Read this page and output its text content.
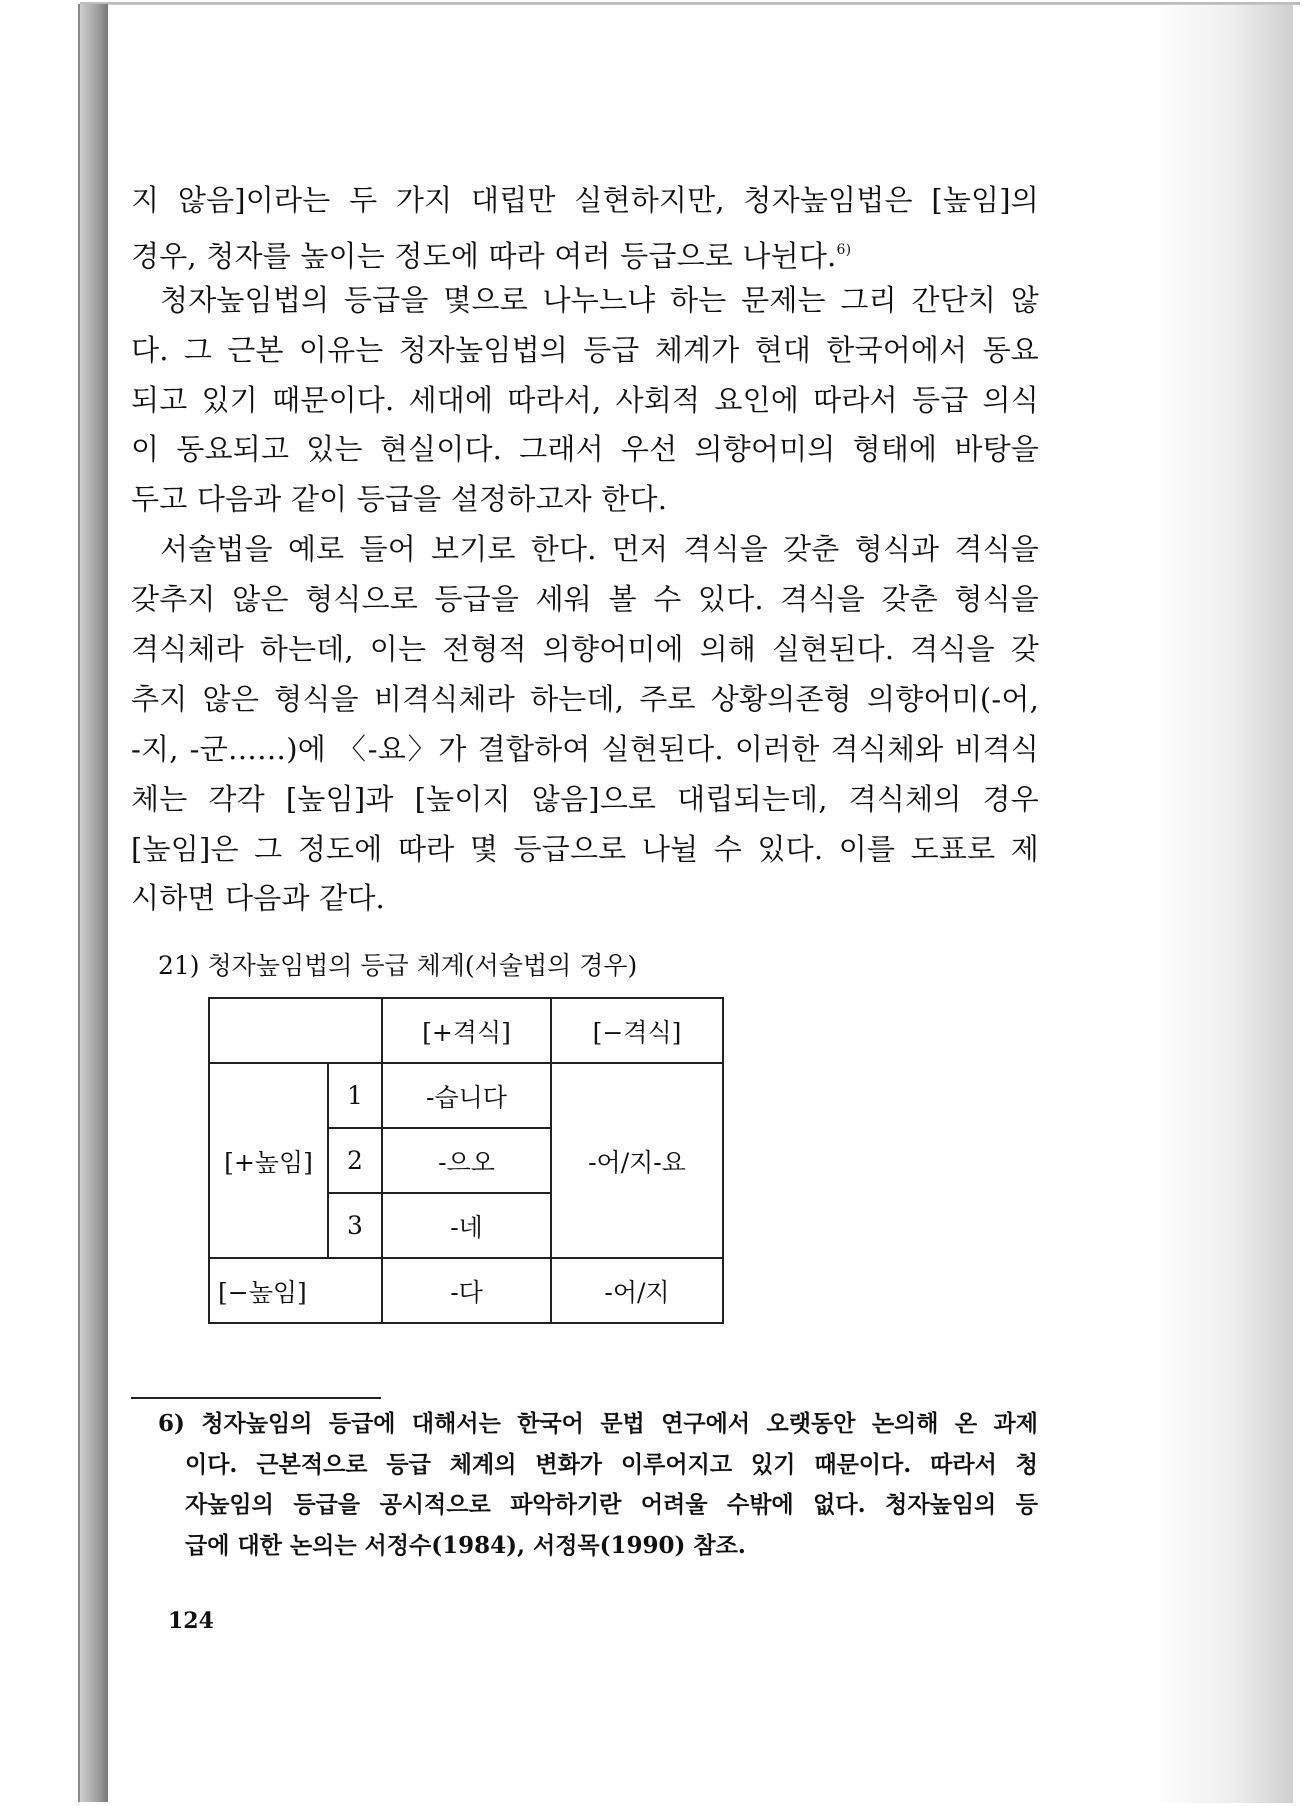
지 않음]이라는 두 가지 대립만 실현하지만, 청자높임법은 [높임]의
경우, 청자를 높이는 정도에 따라 여러 등급으로 나뉜다.$^{6)}$
청자높임법의 등급을 몇으로 나누느냐 하는 문제는 그리 간단치 않
다. 그 근본 이유는 청자높임법의 등급 체계가 현대 한국어에서 동요
되고 있기 때문이다. 세대에 따라서, 사회적 요인에 따라서 등급 의식
이 동요되고 있는 현실이다. 그래서 우선 의향어미의 형태에 바탕을
두고 다음과 같이 등급을 설정하고자 한다.
서술법을 예로 들어 보기로 한다. 먼저 격식을 갖춘 형식과 격식을
갖추지 않은 형식으로 등급을 세워 볼 수 있다. 격식을 갖춘 형식을
격식체라 하는데, 이는 전형적 의향어미에 의해 실현된다. 격식을 갖
추지 않은 형식을 비격식체라 하는데, 주로 상황의존형 의향어미(-어,
-지, -군……)에 〈-요〉가 결합하여 실현된다. 이러한 격식체와 비격식
체는 각각 [높임]과 [높이지 않음]으로 대립되는데, 격식체의 경우
[높임]은 그 정도에 따라 몇 등급으로 나뉠 수 있다. 이를 도표로 제
시하면 다음과 같다.
21) 청자높임법의 등급 체계(서술법의 경우)
		[+격식]	[−격식]
[+높임]	1	-습니다	-어/지-요
	2	-으오	
	3	-네	
[−높임]		-다	-어/지
6) 청자높임의 등급에 대해서는 한국어 문법 연구에서 오랫동안 논의해 온 과제
이다. 근본적으로 등급 체계의 변화가 이루어지고 있기 때문이다. 따라서 청
자높임의 등급을 공시적으로 파악하기란 어려울 수밖에 없다. 청자높임의 등
급에 대한 논의는 서정수(1984), 서정목(1990) 참조.
124
